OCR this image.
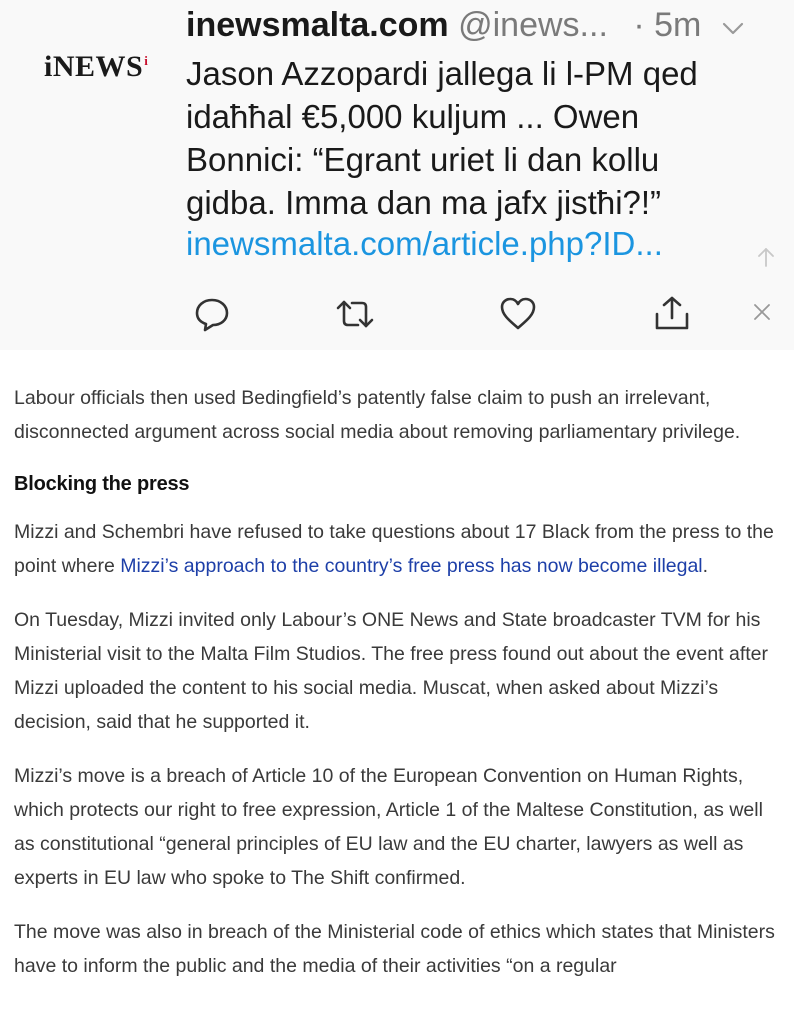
iNEWS$^i$
inewsmalta.com @inews... · 5m
Jason Azzopardi jallega li l-PM qed
idaħħal €5,000 kuljum ... Owen
Bonnici: “Egrant uriet li dan kollu
gidba. Imma dan ma jafx jistħi?!”
inewsmalta.com/article.php?ID...

Labour officials then used Bedingfield’s patently false claim to push an irrelevant, disconnected argument across social media about removing parliamentary privilege.

Blocking the press

Mizzi and Schembri have refused to take questions about 17 Black from the press to the point where Mizzi’s approach to the country’s free press has now become illegal.

On Tuesday, Mizzi invited only Labour’s ONE News and State broadcaster TVM for his Ministerial visit to the Malta Film Studios. The free press found out about the event after Mizzi uploaded the content to his social media. Muscat, when asked about Mizzi’s decision, said that he supported it.

Mizzi’s move is a breach of Article 10 of the European Convention on Human Rights, which protects our right to free expression, Article 1 of the Maltese Constitution, as well as constitutional “general principles of EU law and the EU charter, lawyers as well as experts in EU law who spoke to The Shift confirmed.

The move was also in breach of the Ministerial code of ethics which states that Ministers have to inform the public and the media of their activities “on a regular
